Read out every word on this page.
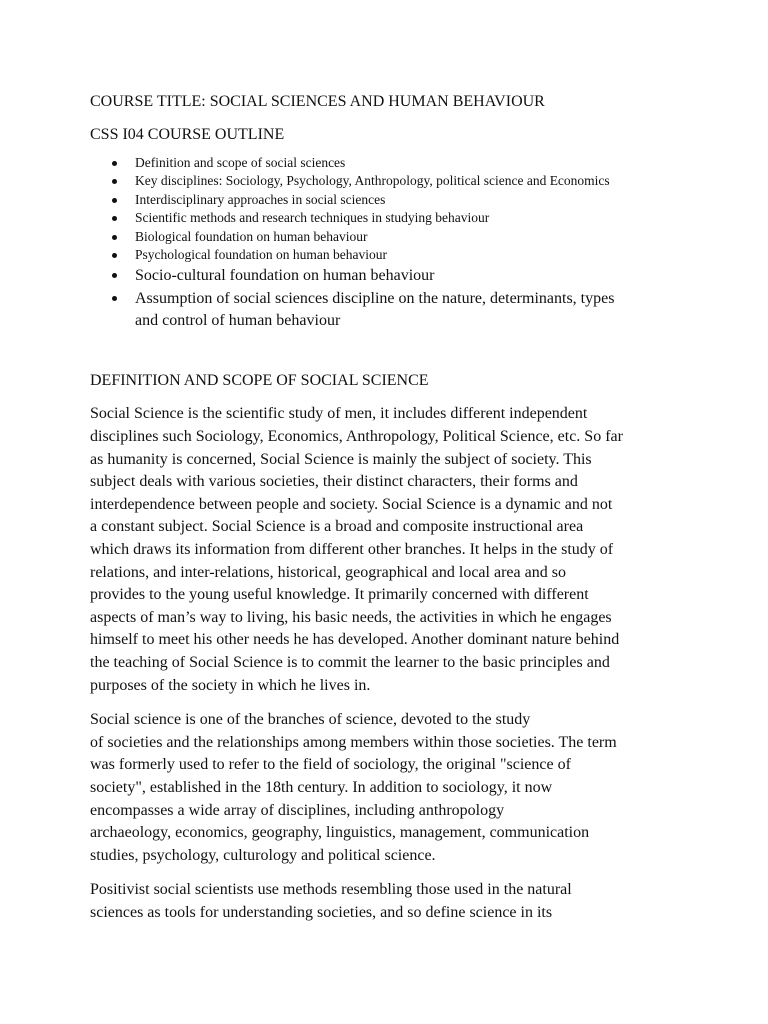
COURSE TITLE: SOCIAL SCIENCES AND HUMAN BEHAVIOUR

CSS I04 COURSE OUTLINE

Definition and scope of social sciences
Key disciplines: Sociology, Psychology, Anthropology, political science and Economics
Interdisciplinary approaches in social sciences
Scientific methods and research techniques in studying behaviour
Biological foundation on human behaviour
Psychological foundation on human behaviour
Socio-cultural foundation on human behaviour
Assumption of social sciences discipline on the nature, determinants, types
and control of human behaviour

DEFINITION AND SCOPE OF SOCIAL SCIENCE

Social Science is the scientific study of men, it includes different independent
disciplines such Sociology, Economics, Anthropology, Political Science, etc. So far
as humanity is concerned, Social Science is mainly the subject of society. This
subject deals with various societies, their distinct characters, their forms and
interdependence between people and society. Social Science is a dynamic and not
a constant subject. Social Science is a broad and composite instructional area
which draws its information from different other branches. It helps in the study of
relations, and inter-relations, historical, geographical and local area and so
provides to the young useful knowledge. It primarily concerned with different
aspects of man’s way to living, his basic needs, the activities in which he engages
himself to meet his other needs he has developed. Another dominant nature behind
the teaching of Social Science is to commit the learner to the basic principles and
purposes of the society in which he lives in.

Social science is one of the branches of science, devoted to the study
of societies and the relationships among members within those societies. The term
was formerly used to refer to the field of sociology, the original "science of
society", established in the 18th century. In addition to sociology, it now
encompasses a wide array of disciplines, including anthropology
archaeology, economics, geography, linguistics, management, communication
studies, psychology, culturology and political science.

Positivist social scientists use methods resembling those used in the natural
sciences as tools for understanding societies, and so define science in its
